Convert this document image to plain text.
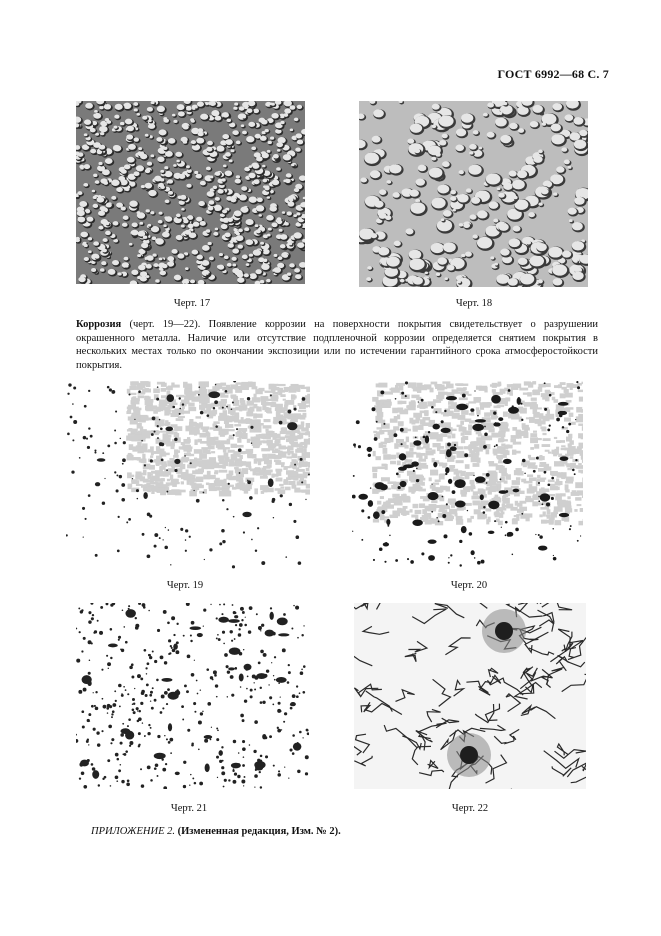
ГОСТ 6992—68 С. 7
Черт. 17	Черт. 18
Коррозия (черт. 19—22). Появление коррозии на поверхности покрытия свидетельствует о разрушении окрашенного металла. Наличие или отсутствие подпленочной коррозии определяется снятием покрытия в нескольких местах только по окончании экспозиции или по истечении гарантийного срока атмосферостойкости покрытия.
Черт. 19	Черт. 20
Черт. 21	Черт. 22
ПРИЛОЖЕНИЕ 2. (Измененная редакция, Изм. № 2).
